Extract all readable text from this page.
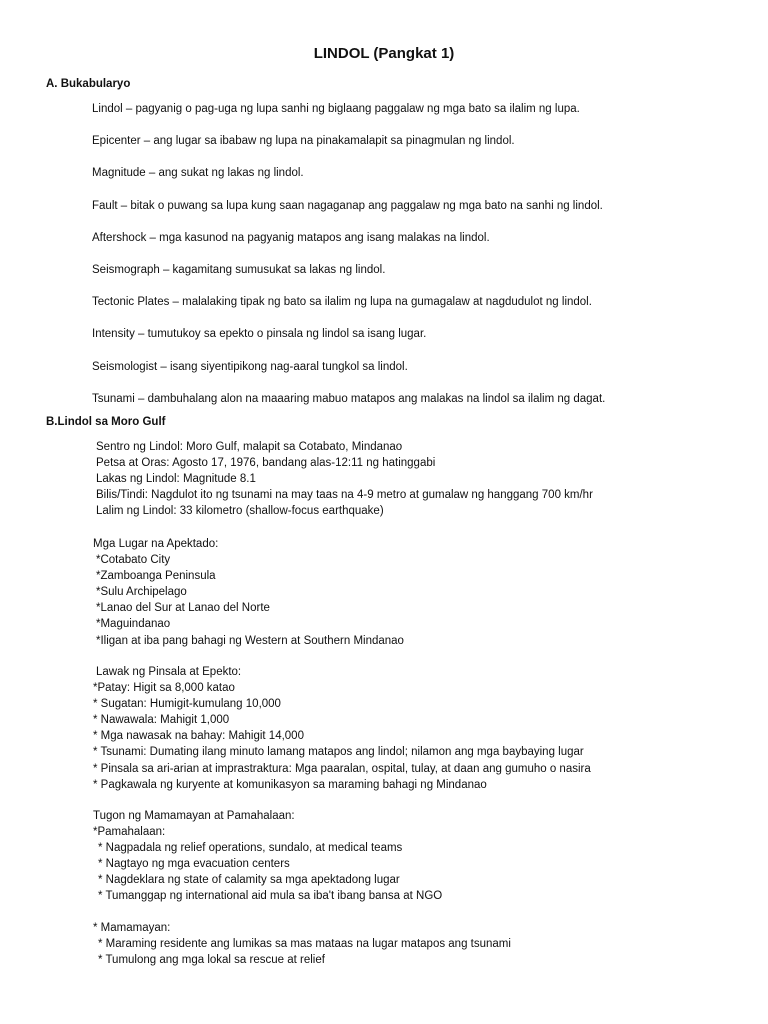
LINDOL (Pangkat 1)
A. Bukabularyo

Lindol – pagyanig o pag-uga ng lupa sanhi ng biglaang paggalaw ng mga bato sa ilalim ng lupa.

Epicenter – ang lugar sa ibabaw ng lupa na pinakamalapit sa pinagmulan ng lindol.

Magnitude – ang sukat ng lakas ng lindol.

Fault – bitak o puwang sa lupa kung saan nagaganap ang paggalaw ng mga bato na sanhi ng lindol.

Aftershock – mga kasunod na pagyanig matapos ang isang malakas na lindol.

Seismograph – kagamitang sumusukat sa lakas ng lindol.

Tectonic Plates – malalaking tipak ng bato sa ilalim ng lupa na gumagalaw at nagdudulot ng lindol.

Intensity – tumutukoy sa epekto o pinsala ng lindol sa isang lugar.

Seismologist – isang siyentipikong nag-aaral tungkol sa lindol.

Tsunami – dambuhalang alon na maaaring mabuo matapos ang malakas na lindol sa ilalim ng dagat.

B.Lindol sa Moro Gulf
Sentro ng Lindol: Moro Gulf, malapit sa Cotabato, Mindanao
Petsa at Oras: Agosto 17, 1976, bandang alas-12:11 ng hatinggabi
Lakas ng Lindol: Magnitude 8.1
Bilis/Tindi: Nagdulot ito ng tsunami na may taas na 4-9 metro at gumalaw ng hanggang 700 km/hr
Lalim ng Lindol: 33 kilometro (shallow-focus earthquake)
Mga Lugar na Apektado:
*Cotabato City
*Zamboanga Peninsula
*Sulu Archipelago
*Lanao del Sur at Lanao del Norte
*Maguindanao
*Iligan at iba pang bahagi ng Western at Southern Mindanao
Lawak ng Pinsala at Epekto:
*Patay: Higit sa 8,000 katao
* Sugatan: Humigit-kumulang 10,000
* Nawawala: Mahigit 1,000
* Mga nawasak na bahay: Mahigit 14,000
* Tsunami: Dumating ilang minuto lamang matapos ang lindol; nilamon ang mga baybaying lugar
* Pinsala sa ari-arian at imprastraktura: Mga paaralan, ospital, tulay, at daan ang gumuho o nasira
* Pagkawala ng kuryente at komunikasyon sa maraming bahagi ng Mindanao
Tugon ng Mamamayan at Pamahalaan:
*Pamahalaan:
* Nagpadala ng relief operations, sundalo, at medical teams
* Nagtayo ng mga evacuation centers
* Nagdeklara ng state of calamity sa mga apektadong lugar
* Tumanggap ng international aid mula sa iba't ibang bansa at NGO
* Mamamayan:
* Maraming residente ang lumikas sa mas mataas na lugar matapos ang tsunami
* Tumulong ang mga lokal sa rescue at relief
